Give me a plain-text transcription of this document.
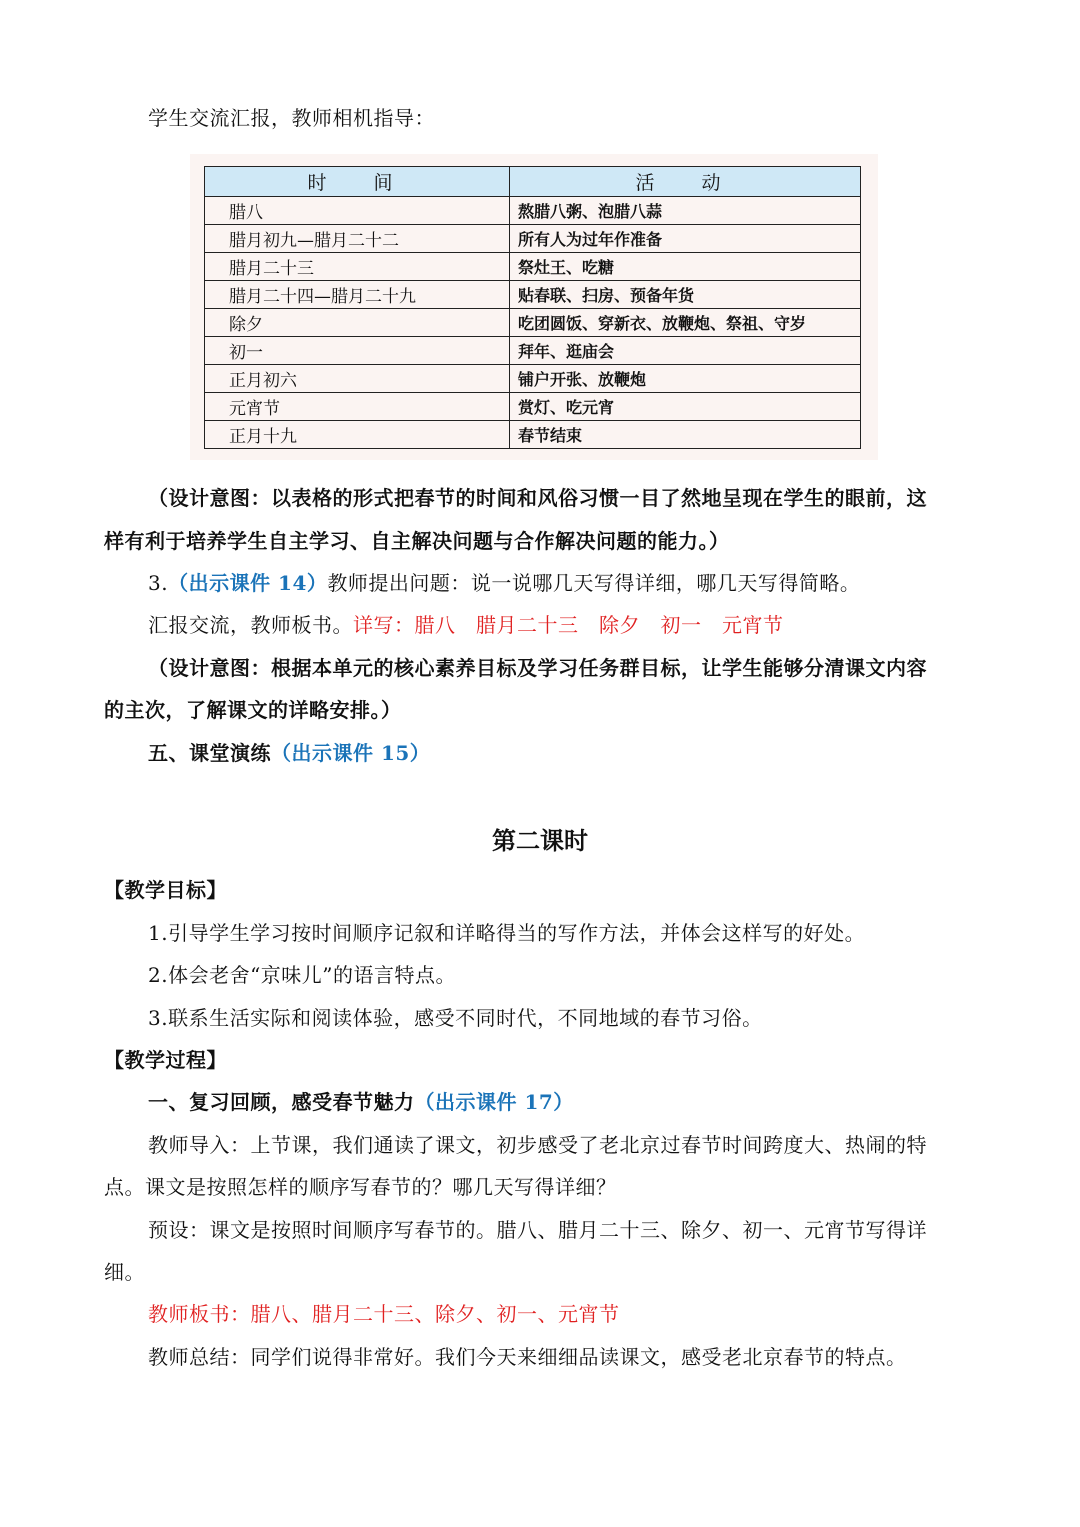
学生交流汇报，教师相机指导：
时　间	活　动
腊八	熬腊八粥、泡腊八蒜
腊月初九—腊月二十二	所有人为过年作准备
腊月二十三	祭灶王、吃糖
腊月二十四—腊月二十九	贴春联、扫房、预备年货
除夕	吃团圆饭、穿新衣、放鞭炮、祭祖、守岁
初一	拜年、逛庙会
正月初六	铺户开张、放鞭炮
元宵节	赏灯、吃元宵
正月十九	春节结束
（设计意图：以表格的形式把春节的时间和风俗习惯一目了然地呈现在学生的眼前，这
样有利于培养学生自主学习、自主解决问题与合作解决问题的能力。）
3.（出示课件 14）教师提出问题：说一说哪几天写得详细，哪几天写得简略。
汇报交流，教师板书。详写：腊八　腊月二十三　除夕　初一　元宵节
（设计意图：根据本单元的核心素养目标及学习任务群目标，让学生能够分清课文内容
的主次，了解课文的详略安排。）
五、课堂演练（出示课件 15）
第二课时
【教学目标】
1.引导学生学习按时间顺序记叙和详略得当的写作方法，并体会这样写的好处。
2.体会老舍“京味儿”的语言特点。
3.联系生活实际和阅读体验，感受不同时代，不同地域的春节习俗。
【教学过程】
一、复习回顾，感受春节魅力（出示课件 17）
教师导入：上节课，我们通读了课文，初步感受了老北京过春节时间跨度大、热闹的特
点。课文是按照怎样的顺序写春节的？哪几天写得详细？
预设：课文是按照时间顺序写春节的。腊八、腊月二十三、除夕、初一、元宵节写得详
细。
教师板书：腊八、腊月二十三、除夕、初一、元宵节
教师总结：同学们说得非常好。我们今天来细细品读课文，感受老北京春节的特点。
